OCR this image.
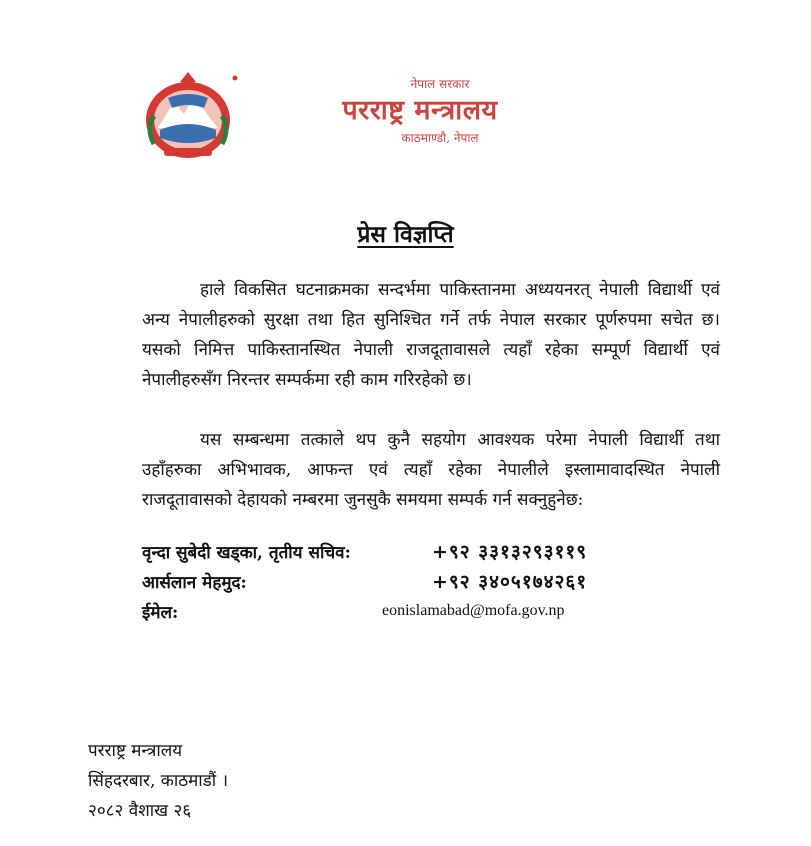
नेपाल सरकार
परराष्ट्र मन्त्रालय
काठमाण्डौ, नेपाल
प्रेस विज्ञप्ति

हाले विकसित घटनाक्रमका सन्दर्भमा पाकिस्तानमा अध्ययनरत् नेपाली विद्यार्थी एवं अन्य नेपालीहरुको सुरक्षा तथा हित सुनिश्चित गर्ने तर्फ नेपाल सरकार पूर्णरुपमा सचेत छ। यसको निमित्त पाकिस्तानस्थित नेपाली राजदूतावासले त्यहाँ रहेका सम्पूर्ण विद्यार्थी एवं नेपालीहरुसँग निरन्तर सम्पर्कमा रही काम गरिरहेको छ।

यस सम्बन्धमा तत्काले थप कुनै सहयोग आवश्यक परेमा नेपाली विद्यार्थी तथा उहाँहरुका अभिभावक, आफन्त एवं त्यहाँ रहेका नेपालीले इस्लामावादस्थित नेपाली राजदूतावासको देहायको नम्बरमा जुनसुकै समयमा सम्पर्क गर्न सक्नुहुनेछ:

वृन्दा सुबेदी खड्का, तृतीय सचिव:	+९२ ३३१३२९३११९
आर्सलान मेहमुद:	+९२ ३४०५१७४२६१
ईमेल:	eonislamabad@mofa.gov.np
परराष्ट्र मन्त्रालय
सिंहदरबार, काठमाडौं ।
२०८२ वैशाख २६
